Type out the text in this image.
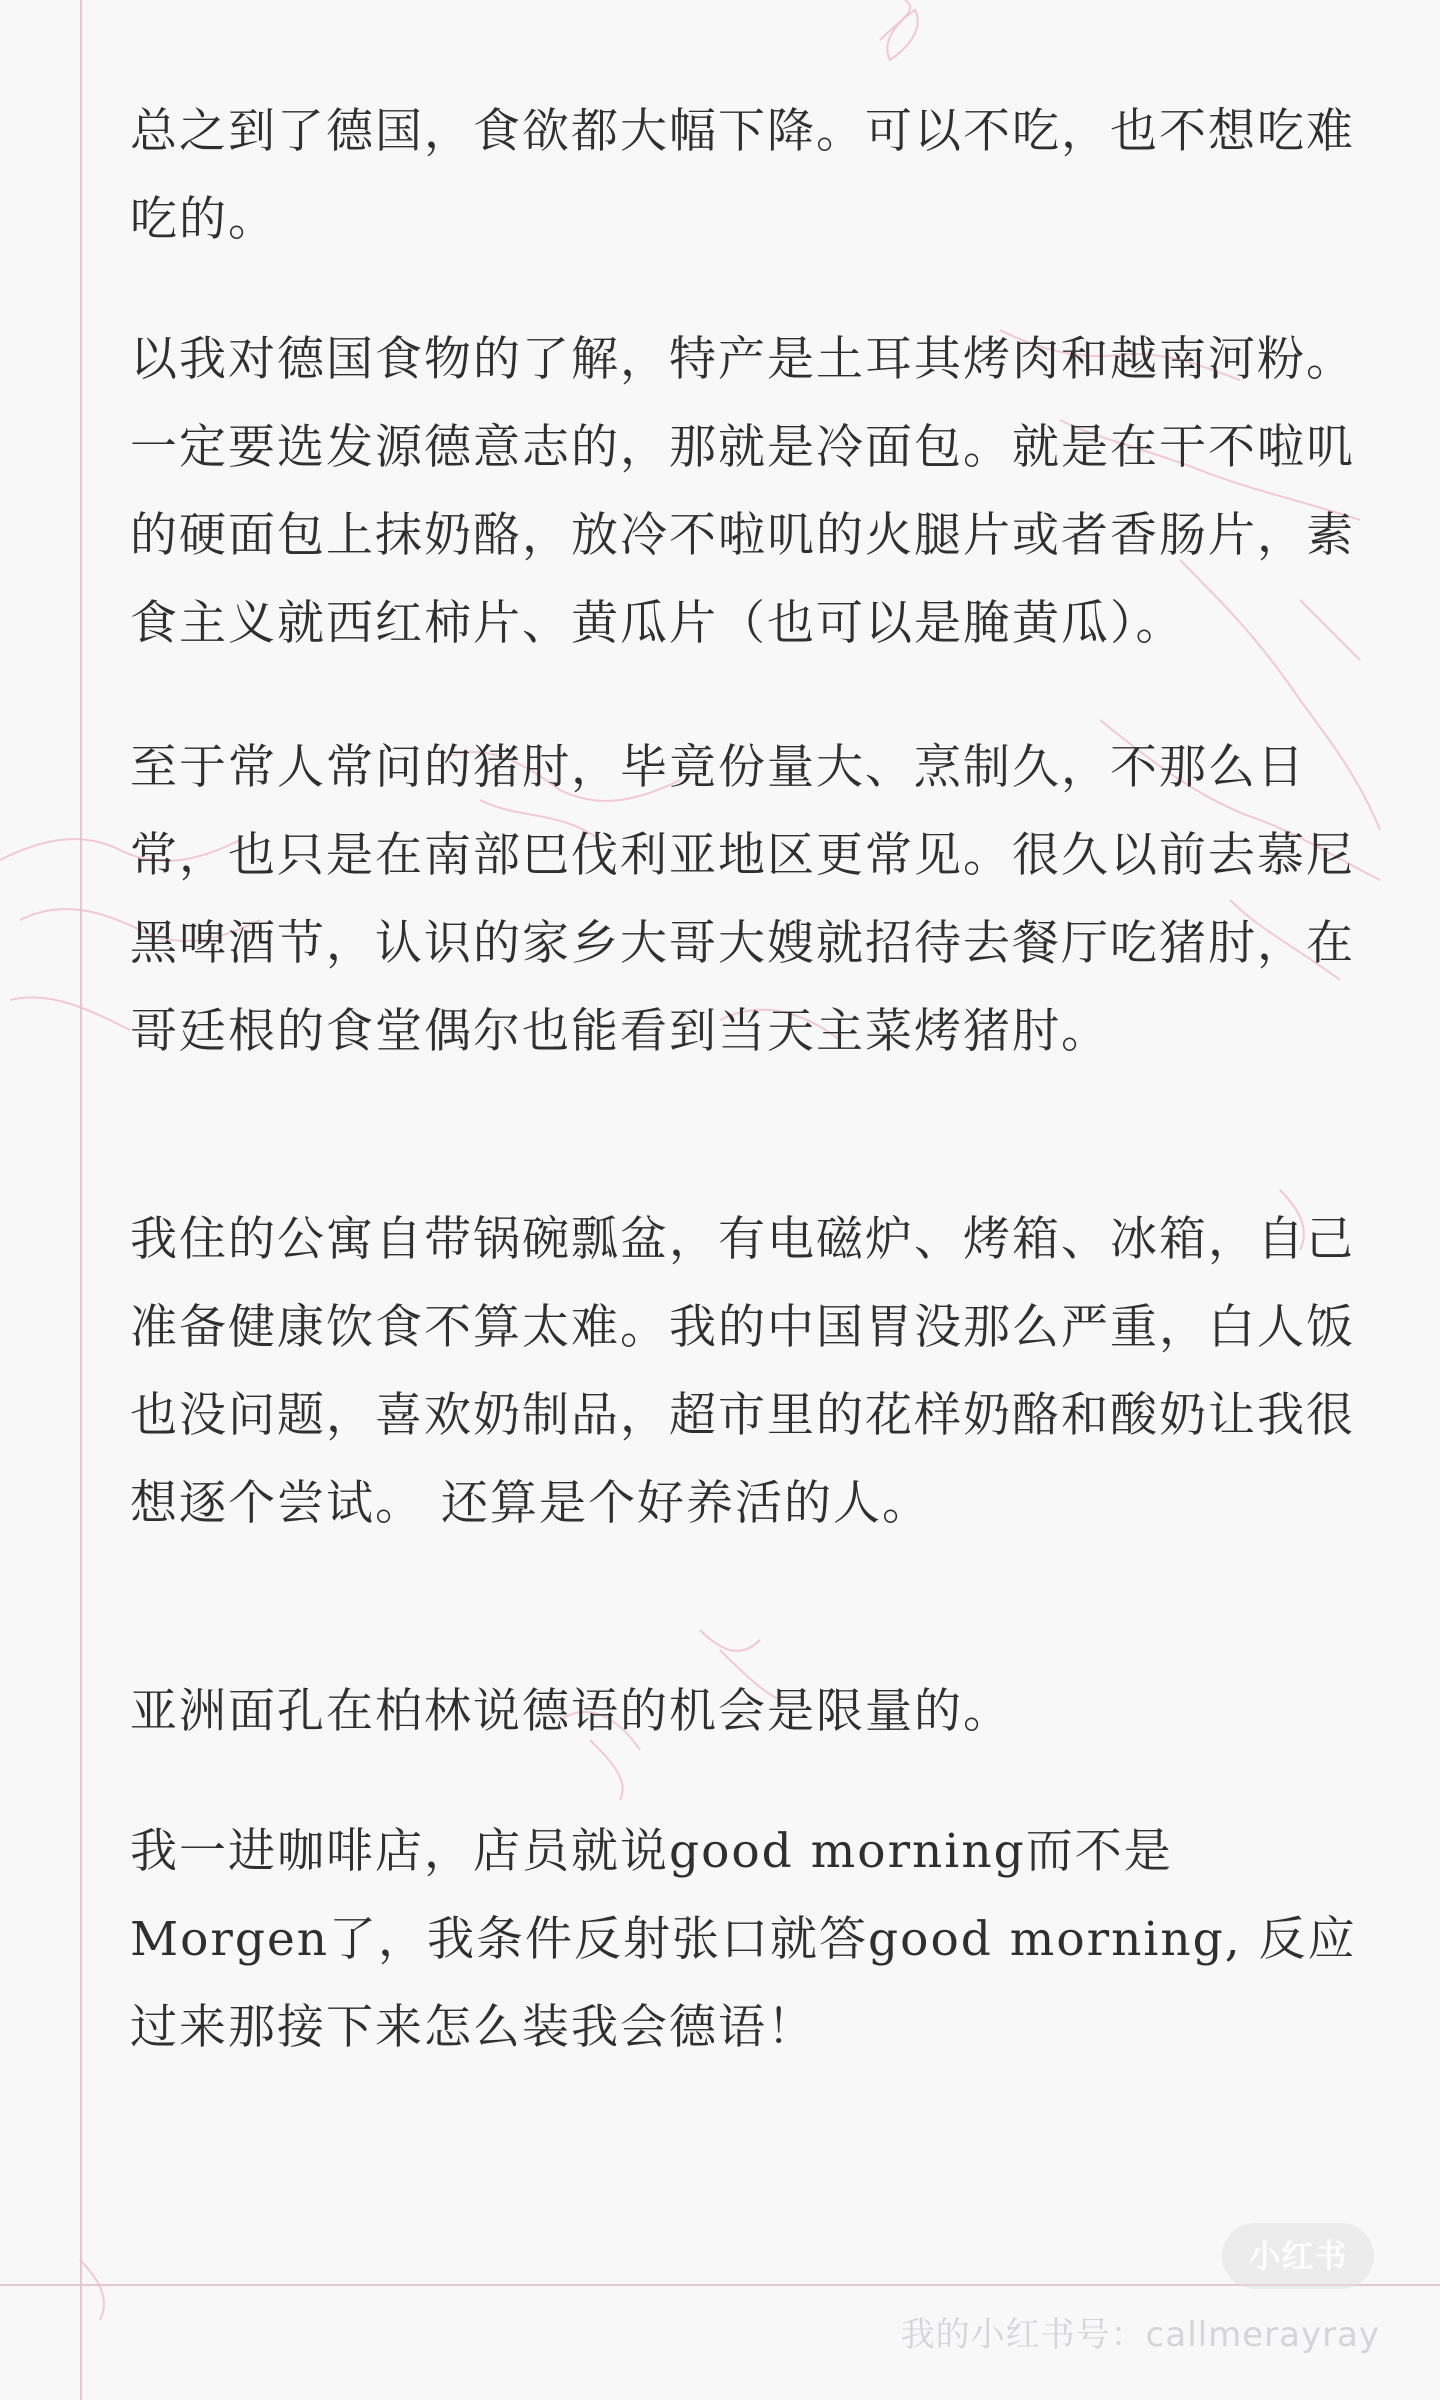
总之到了德国，食欲都大幅下降。可以不吃，也不想吃难吃的。

以我对德国食物的了解，特产是土耳其烤肉和越南河粉。一定要选发源德意志的，那就是冷面包。就是在干不啦叽的硬面包上抹奶酪，放冷不啦叽的火腿片或者香肠片，素食主义就西红柿片、黄瓜片（也可以是腌黄瓜）。

至于常人常问的猪肘，毕竟份量大、烹制久，不那么日常，也只是在南部巴伐利亚地区更常见。很久以前去慕尼黑啤酒节，认识的家乡大哥大嫂就招待去餐厅吃猪肘，在哥廷根的食堂偶尔也能看到当天主菜烤猪肘。

我住的公寓自带锅碗瓢盆，有电磁炉、烤箱、冰箱，自己准备健康饮食不算太难。我的中国胃没那么严重，白人饭也没问题，喜欢奶制品，超市里的花样奶酪和酸奶让我很想逐个尝试。 还算是个好养活的人。

亚洲面孔在柏林说德语的机会是限量的。

我一进咖啡店，店员就说good morning而不是Morgen了，我条件反射张口就答good morning, 反应过来那接下来怎么装我会德语！

小红书
我的小红书号：callmerayray
